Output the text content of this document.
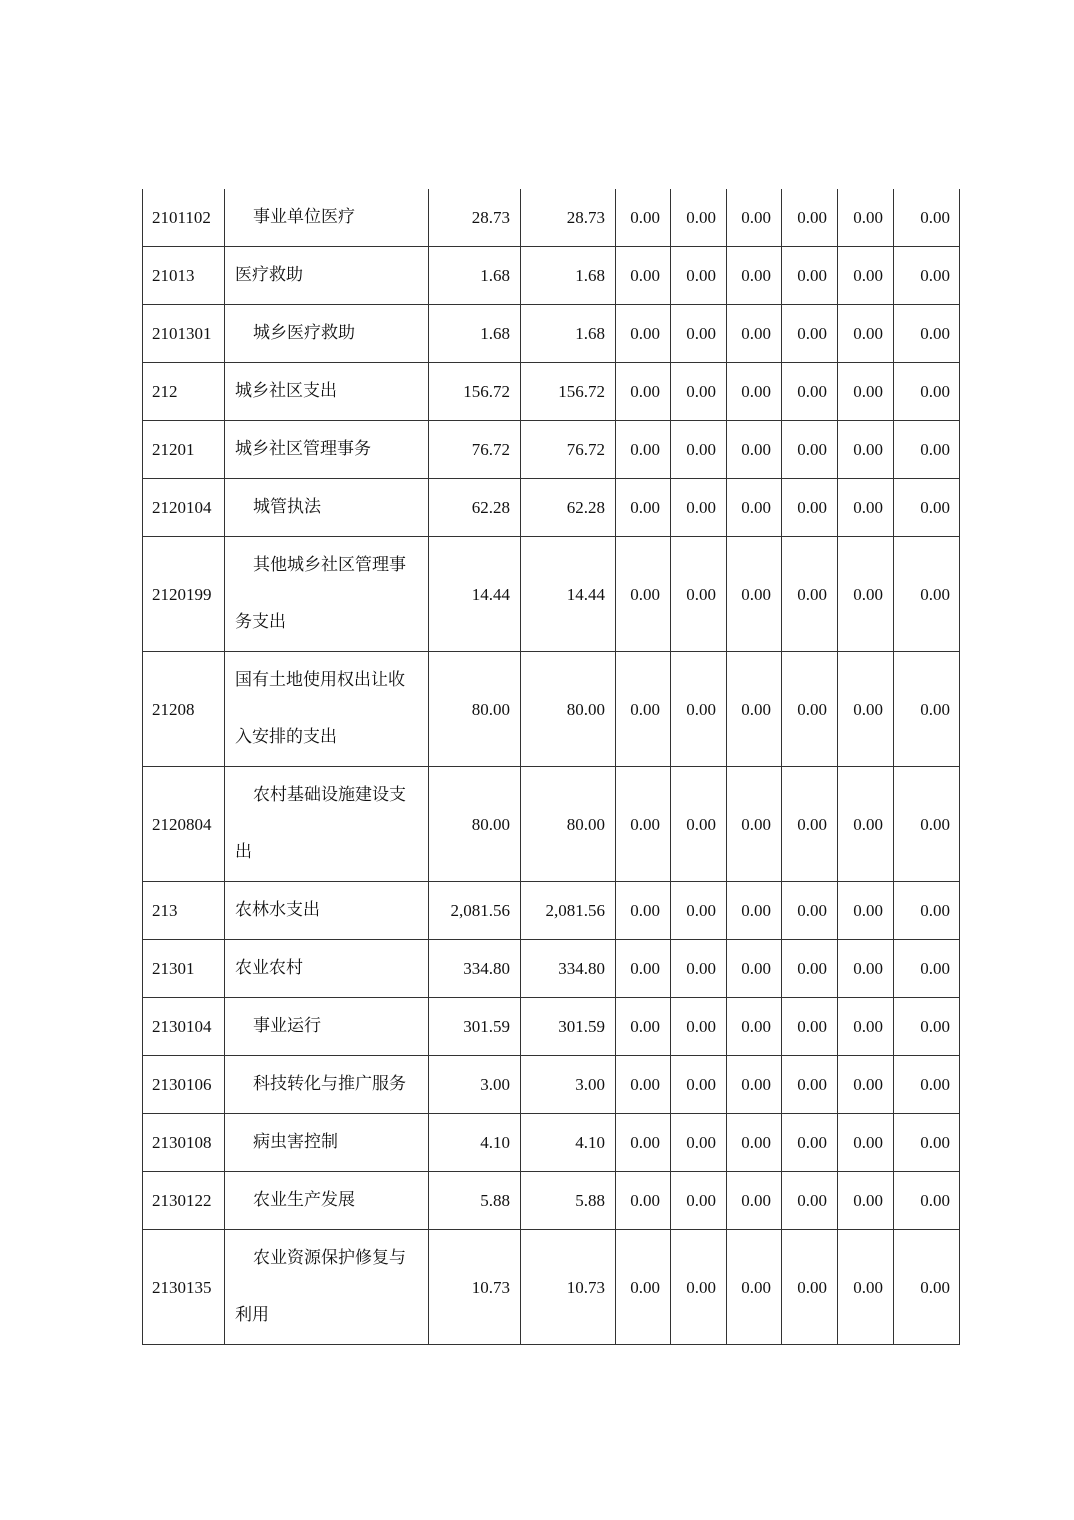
2101102	事业单位医疗	28.73	28.73	0.00	0.00	0.00	0.00	0.00	0.00
21013	医疗救助	1.68	1.68	0.00	0.00	0.00	0.00	0.00	0.00
2101301	城乡医疗救助	1.68	1.68	0.00	0.00	0.00	0.00	0.00	0.00
212	城乡社区支出	156.72	156.72	0.00	0.00	0.00	0.00	0.00	0.00
21201	城乡社区管理事务	76.72	76.72	0.00	0.00	0.00	0.00	0.00	0.00
2120104	城管执法	62.28	62.28	0.00	0.00	0.00	0.00	0.00	0.00
2120199	其他城乡社区管理事务支出	14.44	14.44	0.00	0.00	0.00	0.00	0.00	0.00
21208	国有土地使用权出让收入安排的支出	80.00	80.00	0.00	0.00	0.00	0.00	0.00	0.00
2120804	农村基础设施建设支出	80.00	80.00	0.00	0.00	0.00	0.00	0.00	0.00
213	农林水支出	2,081.56	2,081.56	0.00	0.00	0.00	0.00	0.00	0.00
21301	农业农村	334.80	334.80	0.00	0.00	0.00	0.00	0.00	0.00
2130104	事业运行	301.59	301.59	0.00	0.00	0.00	0.00	0.00	0.00
2130106	科技转化与推广服务	3.00	3.00	0.00	0.00	0.00	0.00	0.00	0.00
2130108	病虫害控制	4.10	4.10	0.00	0.00	0.00	0.00	0.00	0.00
2130122	农业生产发展	5.88	5.88	0.00	0.00	0.00	0.00	0.00	0.00
2130135	农业资源保护修复与利用	10.73	10.73	0.00	0.00	0.00	0.00	0.00	0.00
